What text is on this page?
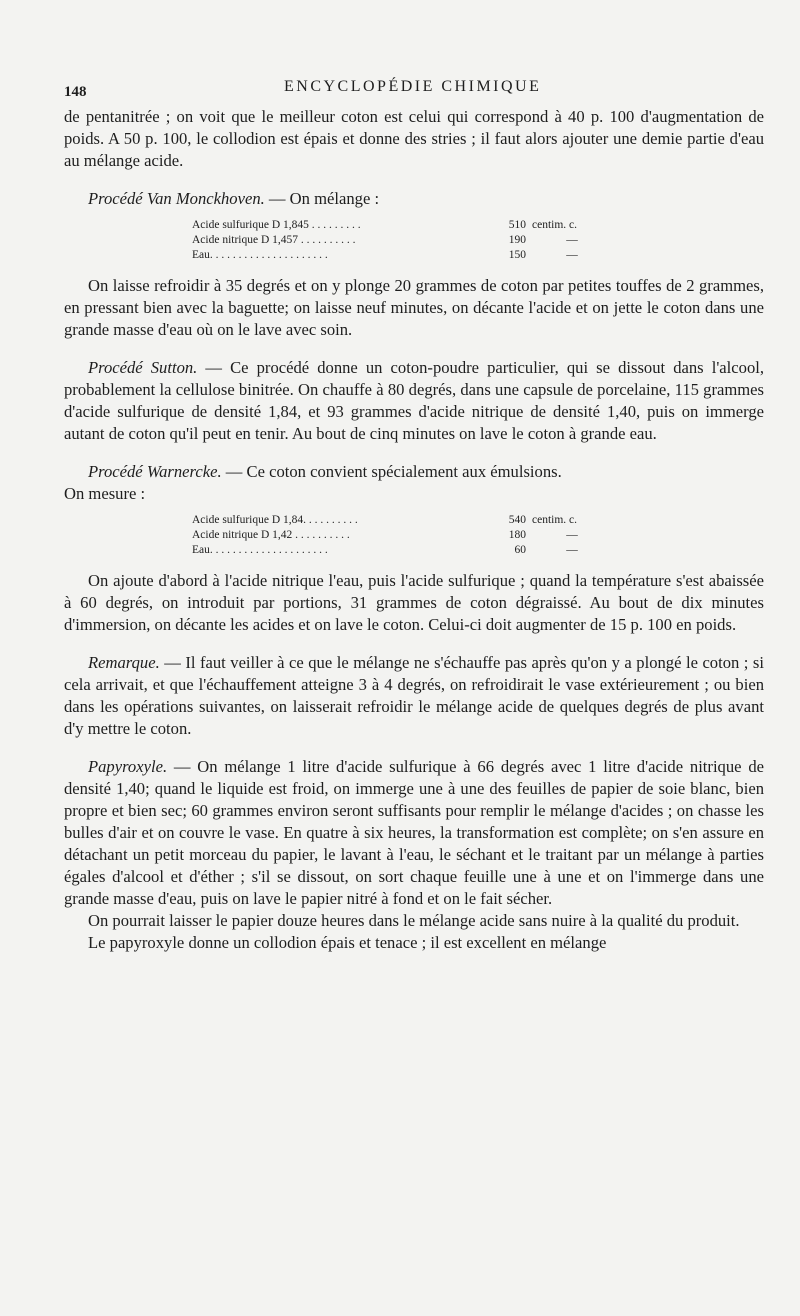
148	ENCYCLOPÉDIE CHIMIQUE

de pentanitrée ; on voit que le meilleur coton est celui qui correspond à 40 p. 100 d'augmentation de poids. A 50 p. 100, le collodion est épais et donne des stries ; il faut alors ajouter une demie partie d'eau au mélange acide.

Procédé Van Monckhoven. — On mélange :

Acide sulfurique D 1,845 . . . . . . . . .	510	centim. c.
Acide nitrique D 1,457 . . . . . . . . . .	190	—
Eau. . . . . . . . . . . . . . . . . . . . .	150	—

On laisse refroidir à 35 degrés et on y plonge 20 grammes de coton par petites touffes de 2 grammes, en pressant bien avec la baguette; on laisse neuf minutes, on décante l'acide et on jette le coton dans une grande masse d'eau où on le lave avec soin.

Procédé Sutton. — Ce procédé donne un coton-poudre particulier, qui se dissout dans l'alcool, probablement la cellulose binitrée. On chauffe à 80 degrés, dans une capsule de porcelaine, 115 grammes d'acide sulfurique de densité 1,84, et 93 grammes d'acide nitrique de densité 1,40, puis on immerge autant de coton qu'il peut en tenir. Au bout de cinq minutes on lave le coton à grande eau.

Procédé Warnercke. — Ce coton convient spécialement aux émulsions.

On mesure :

Acide sulfurique D 1,84. . . . . . . . . .	540	centim. c.
Acide nitrique D 1,42 . . . . . . . . . .	180	—
Eau. . . . . . . . . . . . . . . . . . . . .	60	—

On ajoute d'abord à l'acide nitrique l'eau, puis l'acide sulfurique ; quand la température s'est abaissée à 60 degrés, on introduit par portions, 31 grammes de coton dégraissé. Au bout de dix minutes d'immersion, on décante les acides et on lave le coton. Celui-ci doit augmenter de 15 p. 100 en poids.

Remarque. — Il faut veiller à ce que le mélange ne s'échauffe pas après qu'on y a plongé le coton ; si cela arrivait, et que l'échauffement atteigne 3 à 4 degrés, on refroidirait le vase extérieurement ; ou bien dans les opérations suivantes, on laisserait refroidir le mélange acide de quelques degrés de plus avant d'y mettre le coton.

Papyroxyle. — On mélange 1 litre d'acide sulfurique à 66 degrés avec 1 litre d'acide nitrique de densité 1,40; quand le liquide est froid, on immerge une à une des feuilles de papier de soie blanc, bien propre et bien sec; 60 grammes environ seront suffisants pour remplir le mélange d'acides ; on chasse les bulles d'air et on couvre le vase. En quatre à six heures, la transformation est complète; on s'en assure en détachant un petit morceau du papier, le lavant à l'eau, le séchant et le traitant par un mélange à parties égales d'alcool et d'éther ; s'il se dissout, on sort chaque feuille une à une et on l'immerge dans une grande masse d'eau, puis on lave le papier nitré à fond et on le fait sécher.

On pourrait laisser le papier douze heures dans le mélange acide sans nuire à la qualité du produit.

Le papyroxyle donne un collodion épais et tenace ; il est excellent en mélange
